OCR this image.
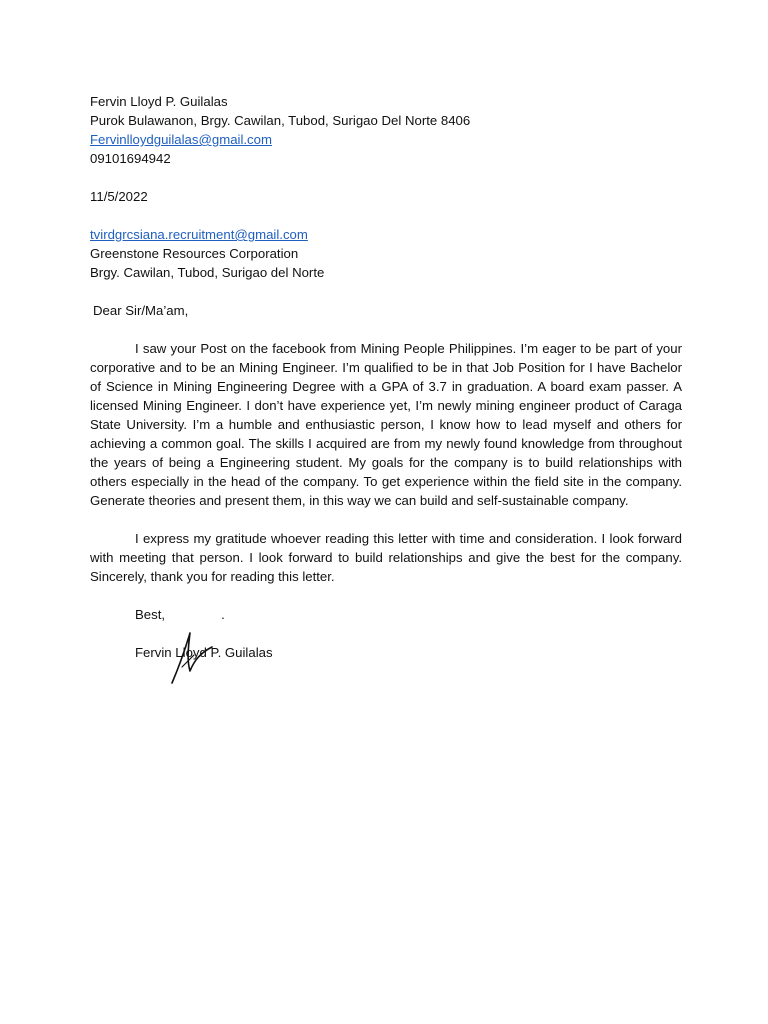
Fervin Lloyd P. Guilalas
Purok Bulawanon, Brgy. Cawilan, Tubod, Surigao Del Norte 8406
Fervinlloydguilalas@gmail.com
09101694942
11/5/2022
tvirdgrcsiana.recruitment@gmail.com
Greenstone Resources Corporation
Brgy. Cawilan, Tubod, Surigao del Norte
Dear Sir/Ma’am,

I saw your Post on the facebook from Mining People Philippines. I’m eager to be part of your corporative and to be an Mining Engineer. I’m qualified to be in that Job Position for I have Bachelor of Science in Mining Engineering Degree with a GPA of 3.7 in graduation. A board exam passer. A licensed Mining Engineer. I don’t have experience yet, I’m newly mining engineer product of Caraga State University. I’m a humble and enthusiastic person, I know how to lead myself and others for achieving a common goal. The skills I acquired are from my newly found knowledge from throughout the years of being a Engineering student. My goals for the company is to build relationships with others especially in the head of the company. To get experience within the field site in the company. Generate theories and present them, in this way we can build and self-sustainable company.

I express my gratitude whoever reading this letter with time and consideration. I look forward with meeting that person. I look forward to build relationships and give the best for the company. Sincerely, thank you for reading this letter.

Best,	.
Fervin Lloyd P. Guilalas
